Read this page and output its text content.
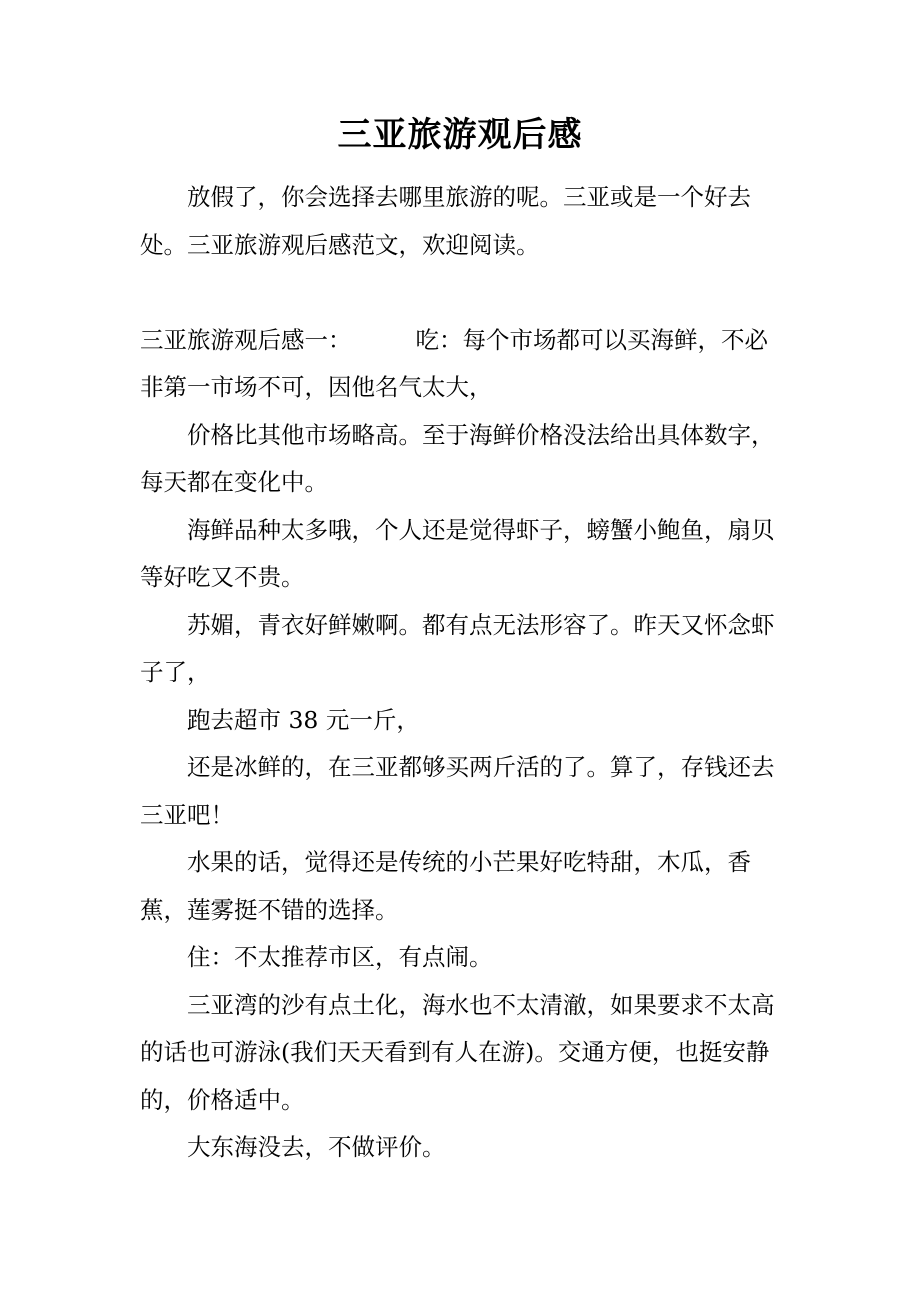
三亚旅游观后感

放假了，你会选择去哪里旅游的呢。三亚或是一个好去处。三亚旅游观后感范文，欢迎阅读。

三亚旅游观后感一：	吃：每个市场都可以买海鲜，不必非第一市场不可，因他名气太大，

价格比其他市场略高。至于海鲜价格没法给出具体数字，每天都在变化中。

海鲜品种太多哦，个人还是觉得虾子，螃蟹小鲍鱼，扇贝等好吃又不贵。

苏媚，青衣好鲜嫩啊。都有点无法形容了。昨天又怀念虾子了，

跑去超市 38 元一斤，

还是冰鲜的，在三亚都够买两斤活的了。算了，存钱还去三亚吧！

水果的话，觉得还是传统的小芒果好吃特甜，木瓜，香蕉，莲雾挺不错的选择。

住：不太推荐市区，有点闹。

三亚湾的沙有点土化，海水也不太清澈，如果要求不太高的话也可游泳(我们天天看到有人在游)。交通方便，也挺安静的，价格适中。

大东海没去，不做评价。
